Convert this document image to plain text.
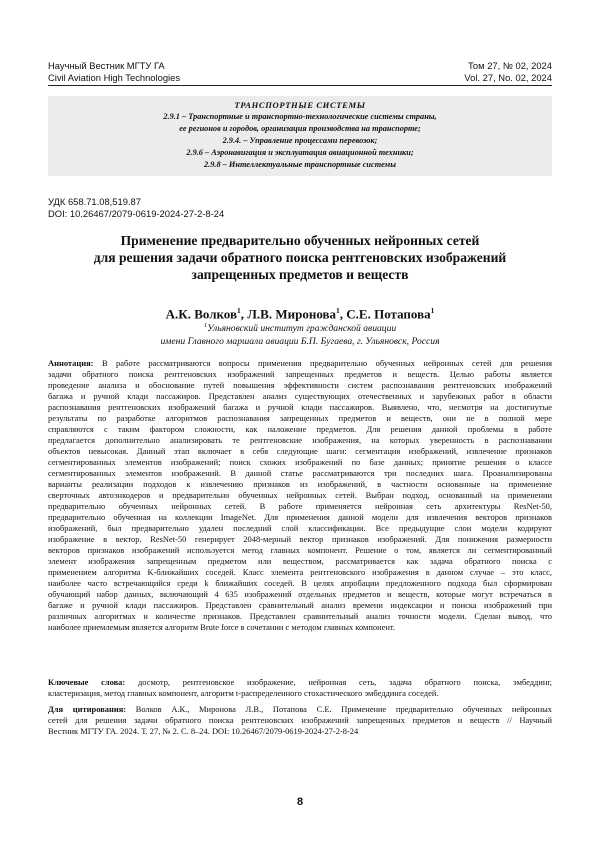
Научный Вестник МГТУ ГА	Том 27, № 02, 2024
Civil Aviation High Technologies	Vol. 27, No. 02, 2024
ТРАНСПОРТНЫЕ СИСТЕМЫ
2.9.1 – Транспортные и транспортно-технологические системы страны,
ее регионов и городов, организация производства на транспорте;
2.9.4. – Управление процессами перевозок;
2.9.6 – Аэронавигация и эксплуатация авиационной техники;
2.9.8 – Интеллектуальные транспортные системы
УДК 658.71.08,519.87
DOI: 10.26467/2079-0619-2024-27-2-8-24
Применение предварительно обученных нейронных сетей
для решения задачи обратного поиска рентгеновских изображений
запрещенных предметов и веществ
А.К. Волков$^1$, Л.В. Миронова$^1$, С.Е. Потапова$^1$
$^1$Ульяновский институт гражданской авиации
имени Главного маршала авиации Б.П. Бугаева, г. Ульяновск, Россия
Аннотация: В работе рассматриваются вопросы применения предварительно обученных нейронных сетей для решения
задачи обратного поиска рентгеновских изображений запрещенных предметов и веществ. Целью работы является
проведение анализа и обоснование путей повышения эффективности систем распознавания рентгеновских изображений
багажа и ручной клади пассажиров. Представлен анализ существующих отечественных и зарубежных работ в области
распознавания рентгеновских изображений багажа и ручной клади пассажиров. Выявлено, что, несмотря на достигнутые
результаты по разработке алгоритмов распознавания запрещенных предметов и веществ, они не в полной мере
справляются с таким фактором сложности, как наложение предметов. Для решения данной проблемы в работе
предлагается дополнительно анализировать те рентгеновские изображения, на которых уверенность в распознавании
объектов невысокая. Данный этап включает в себя следующие шаги: сегментация изображений, извлечение признаков
сегментированных элементов изображений; поиск схожих изображений по базе данных; принятие решения о классе
сегментированных элементов изображений. В данной статье рассматриваются три последних шага. Проанализированы
варианты реализации подходов к извлечению признаков из изображений, в частности основанные на применение
сверточных автоэнкодеров и предварительно обученных нейронных сетей. Выбран подход, основанный на применении
предварительно обученных нейронных сетей. В работе применяется нейронная сеть архитектуры ResNet-50,
предварительно обученная на коллекции ImageNet. Для применения данной модели для извлечения векторов признаков
изображений, был предварительно удален последний слой классификации. Все предыдущие слои модели кодируют
изображение в вектор. ResNet-50 генерирует 2048-мерный вектор признаков изображений. Для понижения размерности
векторов признаков изображений используется метод главных компонент. Решение о том, является ли сегментированный
элемент изображения запрещенным предметом или веществом, рассматривается как задача обратного поиска с
применением алгоритма K-ближайших соседей. Класс элемента рентгеновского изображения в данном случае – это класс,
наиболее часто встречающийся среди k ближайших соседей. В целях апробации предложенного подхода был сформирован
обучающий набор данных, включающий 4 635 изображений отдельных предметов и веществ, которые могут встречаться в
багаже и ручной клади пассажиров. Представлен сравнительный анализ времени индексации и поиска изображений при
различных алгоритмах и количестве признаков. Представлен сравнительный анализ точности модели. Сделан вывод, что
наиболее приемлемым является алгоритм Brute force в сочетании с методом главных компонент.
Ключевые слова: досмотр, рентгеновское изображение, нейронная сеть, задача обратного поиска, эмбеддинг,
кластеризация, метод главных компонент, алгоритм t-распределенного стохастического эмбеддинга соседей.
Для цитирования: Волков А.К., Миронова Л.В., Потапова С.Е. Применение предварительно обученных нейронных
сетей для решения задачи обратного поиска рентгеновских изображений запрещенных предметов и веществ // Научный
Вестник МГТУ ГА. 2024. Т. 27, № 2. С. 8–24. DOI: 10.26467/2079-0619-2024-27-2-8-24
8
